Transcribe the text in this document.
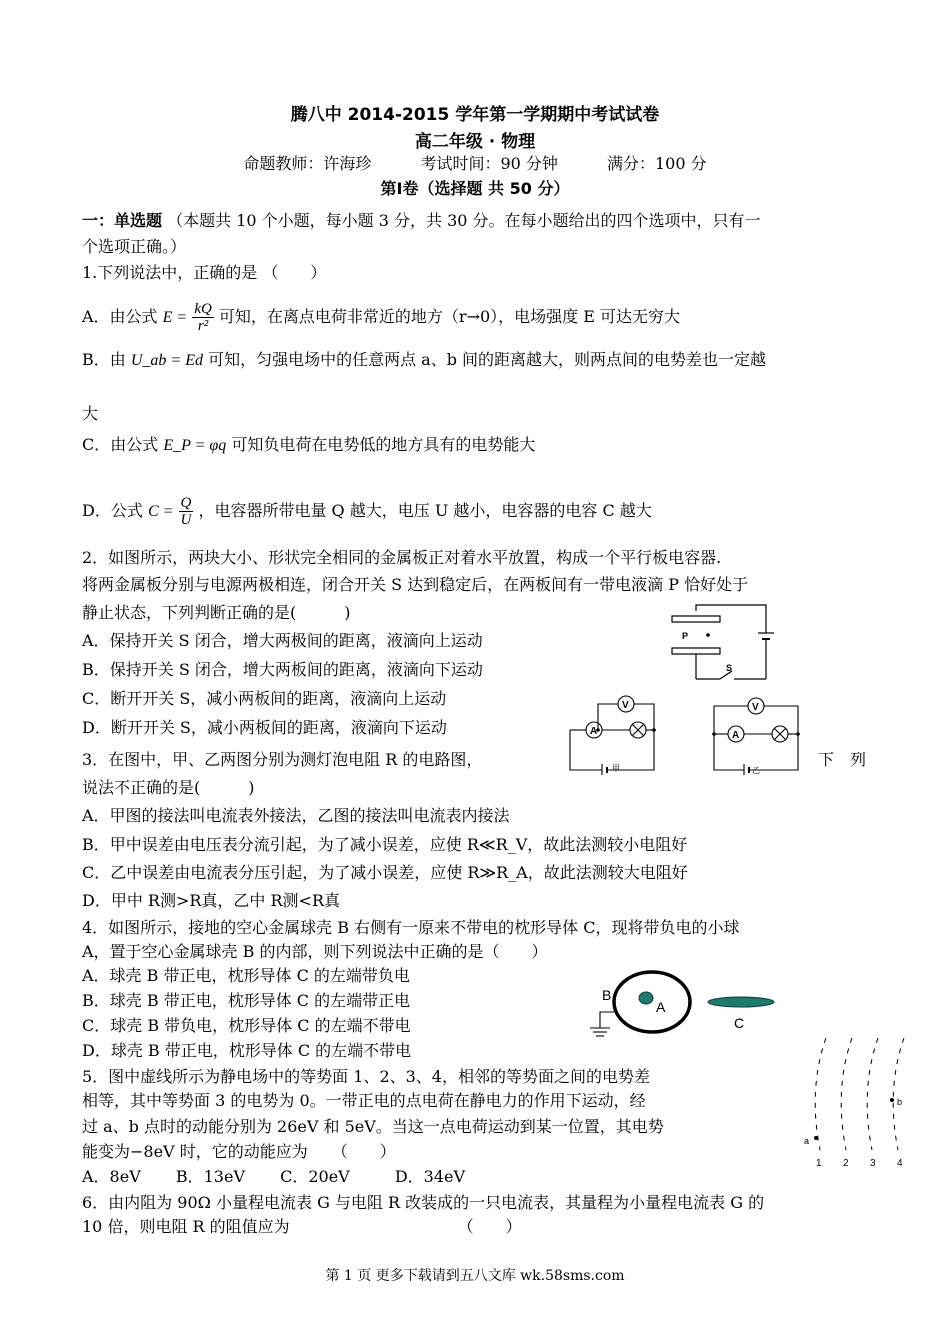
腾八中 2014-2015 学年第一学期期中考试试卷
高二年级 · 物理
命题教师：许海珍	考试时间：90 分钟	满分：100 分
第Ⅰ卷（选择题 共 50 分）
一：单选题 （本题共 10 个小题，每小题 3 分，共 30 分。在每小题给出的四个选项中，只有一
个选项正确。）
1.下列说法中，正确的是 （　　）
A．由公式 $E = \frac{kQ}{\text{r²}}$ 可知，在离点电荷非常近的地方（r→0），电场强度 E 可达无穷大
B．由 U_ab = Ed 可知，匀强电场中的任意两点 a、b 间的距离越大，则两点间的电势差也一定越
大
C．由公式 E_P = φq 可知负电荷在电势低的地方具有的电势能大
D．公式 $C = \frac{Q}{U}$ ，电容器所带电量 Q 越大，电压 U 越小，电容器的电容 C 越大
2．如图所示，两块大小、形状完全相同的金属板正对着水平放置，构成一个平行板电容器.
将两金属板分别与电源两极相连，闭合开关 S 达到稳定后，在两板间有一带电液滴 P 恰好处于
静止状态，下列判断正确的是(　　　)
A．保持开关 S 闭合，增大两极间的距离，液滴向上运动
B．保持开关 S 闭合，增大两板间的距离，液滴向下运动
C．断开开关 S，减小两板间的距离，液滴向上运动
D．断开开关 S，减小两板间的距离，液滴向下运动
P
S
3．在图中，甲、乙两图分别为测灯泡电阻 R 的电路图，	下　列
说法不正确的是(　　　)
A．甲图的接法叫电流表外接法，乙图的接法叫电流表内接法
B．甲中误差由电压表分流引起，为了减小误差，应使 R≪R_V，故此法测较小电阻好
C．乙中误差由电流表分压引起，为了减小误差，应使 R≫R_A，故此法测较大电阻好
D．甲中 R测>R真，乙中 R测<R真
V
A
甲
V
A
乙
4．如图所示，接地的空心金属球壳 B 右侧有一原来不带电的枕形导体 C，现将带负电的小球
A，置于空心金属球壳 B 的内部，则下列说法中正确的是（　　）
A．球壳 B 带正电，枕形导体 C 的左端带负电
B．球壳 B 带正电，枕形导体 C 的左端带正电
C．球壳 B 带负电，枕形导体 C 的左端不带电
D．球壳 B 带正电，枕形导体 C 的左端不带电
B
A
C
5．图中虚线所示为静电场中的等势面 1、2、3、4，相邻的等势面之间的电势差
相等，其中等势面 3 的电势为 0。一带正电的点电荷在静电力的作用下运动，经
过 a、b 点时的动能分别为 26eV 和 5eV。当这一点电荷运动到某一位置，其电势
能变为−8eV 时，它的动能应为　　（　　）
A．8eV B．13eV C．20eV	D．34eV
a
b
1 2 3 4
6．由内阻为 90Ω 小量程电流表 G 与电阻 R 改装成的一只电流表，其量程为小量程电流表 G 的
10 倍，则电阻 R 的阻值应为　　　　　　　　　　　（　　）
第 1 页 更多下载请到五八文库 wk.58sms.com
